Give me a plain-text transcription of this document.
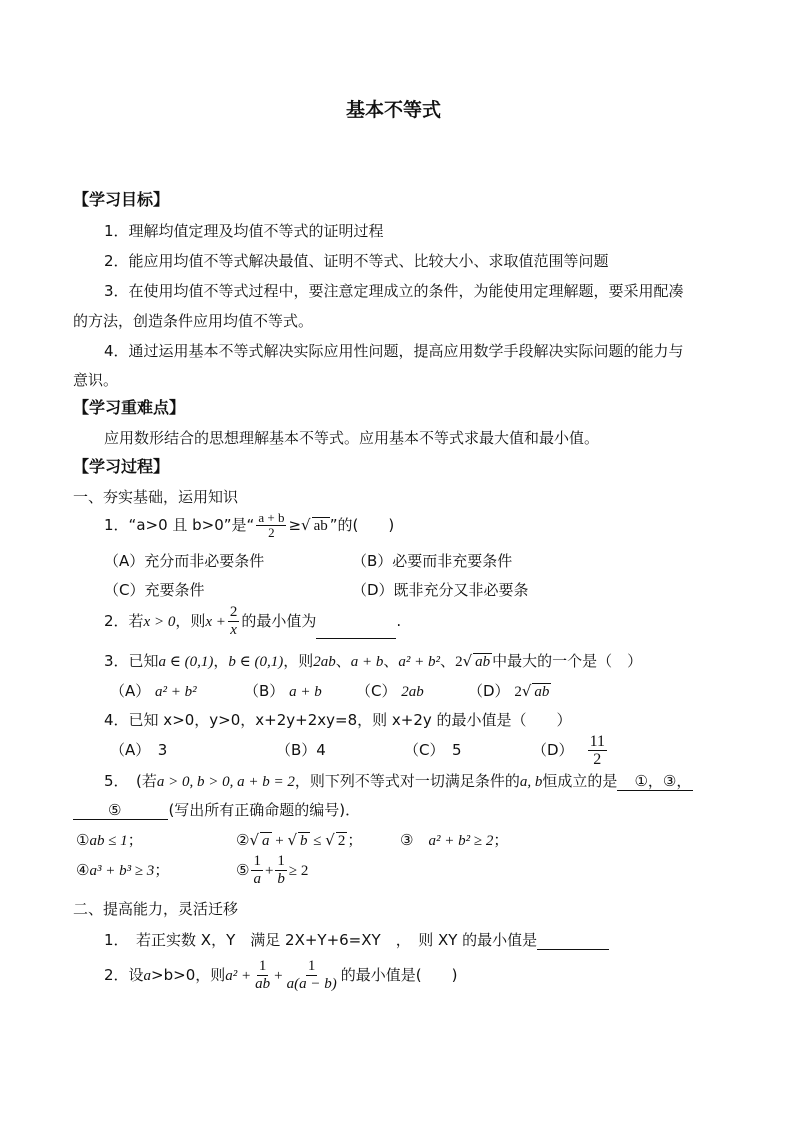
基本不等式
【学习目标】
1．理解均值定理及均值不等式的证明过程
2．能应用均值不等式解决最值、证明不等式、比较大小、求取值范围等问题
3．在使用均值不等式过程中，要注意定理成立的条件，为能使用定理解题，要采用配凑
的方法，创造条件应用均值不等式。
4．通过运用基本不等式解决实际应用性问题，提高应用数学手段解决实际问题的能力与
意识。
【学习重难点】
应用数形结合的思想理解基本不等式。应用基本不等式求最大值和最小值。
【学习过程】
一、夯实基础，运用知识
1．“a>0 且 b>0”是“ $\frac{a + b}{2}$ ≥√ ab ”的(　　)
（A）充分而非必要条件	（B）必要而非充要条件
（C）充要条件	（D）既非充分又非必要条
2．若x > 0，则$x + \frac{2}{x}$ 的最小值为	.
3．已知a ∈ (0,1)，b ∈ (0,1)，则2ab、a + b、a² + b²、2√ ab 中最大的一个是（　）
（A） a² + b²	（B） a + b （C） 2ab	（D） 2√ ab
4．已知 x>0，y>0，x+2y+2xy=8，则 x+2y 的最小值是（　　）
（A）　3	（B）4	（C）　5	$(D) \frac{11}{2}$
5．　(若a > 0, b > 0, a + b = 2，则下列不等式对一切满足条件的a, b恒成立的是　①，③，
　⑤　　　(写出所有正确命题的编号)．
①ab ≤ 1；	②√ a + √ b ≤ √ 2 ；	③　 a² + b² ≥ 2；
④a³ + b³ ≥ 3；	⑤ $\frac{1}{a} + \frac{1}{b} \ge 2$
二、提高能力，灵活迁移
1．　若正实数 X，Y　满足 2X+Y+6=XY　，　则 XY 的最小值是
2．设a>b>0，则$a^2 + \frac{1}{ab} + \frac{1}{a(a - b)}$ 的最小值是(　　)
